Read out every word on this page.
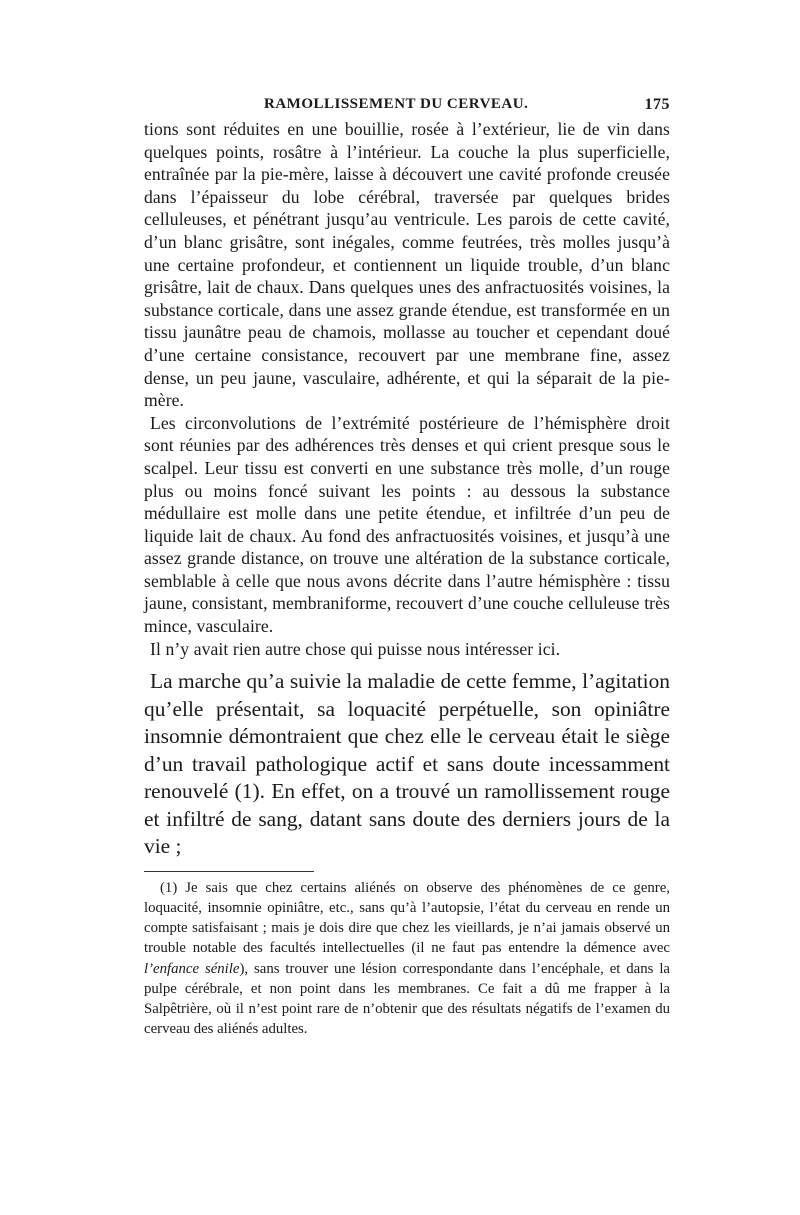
RAMOLLISSEMENT DU CERVEAU.	175

tions sont réduites en une bouillie, rosée à l’extérieur, lie de vin dans quelques points, rosâtre à l’intérieur. La couche la plus superficielle, entraînée par la pie-mère, laisse à découvert une cavité profonde creusée dans l’épaisseur du lobe cérébral, traversée par quelques brides celluleuses, et pénétrant jusqu’au ventricule. Les parois de cette cavité, d’un blanc grisâtre, sont inégales, comme feutrées, très molles jusqu’à une certaine profondeur, et contiennent un liquide trouble, d’un blanc grisâtre, lait de chaux. Dans quelques unes des anfractuosités voisines, la substance corticale, dans une assez grande étendue, est transformée en un tissu jaunâtre peau de chamois, mollasse au toucher et cependant doué d’une certaine consistance, recouvert par une membrane fine, assez dense, un peu jaune, vasculaire, adhérente, et qui la séparait de la pie-mère.

Les circonvolutions de l’extrémité postérieure de l’hémisphère droit sont réunies par des adhérences très denses et qui crient presque sous le scalpel. Leur tissu est converti en une substance très molle, d’un rouge plus ou moins foncé suivant les points : au dessous la substance médullaire est molle dans une petite étendue, et infiltrée d’un peu de liquide lait de chaux. Au fond des anfractuosités voisines, et jusqu’à une assez grande distance, on trouve une altération de la substance corticale, semblable à celle que nous avons décrite dans l’autre hémisphère : tissu jaune, consistant, membraniforme, recouvert d’une couche celluleuse très mince, vasculaire.

Il n’y avait rien autre chose qui puisse nous intéresser ici.

La marche qu’a suivie la maladie de cette femme, l’agitation qu’elle présentait, sa loquacité perpétuelle, son opiniâtre insomnie démontraient que chez elle le cerveau était le siège d’un travail pathologique actif et sans doute incessamment renouvelé (1). En effet, on a trouvé un ramollissement rouge et infiltré de sang, datant sans doute des derniers jours de la vie ;

(1) Je sais que chez certains aliénés on observe des phénomènes de ce genre, loquacité, insomnie opiniâtre, etc., sans qu’à l’autopsie, l’état du cerveau en rende un compte satisfaisant ; mais je dois dire que chez les vieillards, je n’ai jamais observé un trouble notable des facultés intellectuelles (il ne faut pas entendre la démence avec l’enfance sénile), sans trouver une lésion correspondante dans l’encéphale, et dans la pulpe cérébrale, et non point dans les membranes. Ce fait a dû me frapper à la Salpêtrière, où il n’est point rare de n’obtenir que des résultats négatifs de l’examen du cerveau des aliénés adultes.
